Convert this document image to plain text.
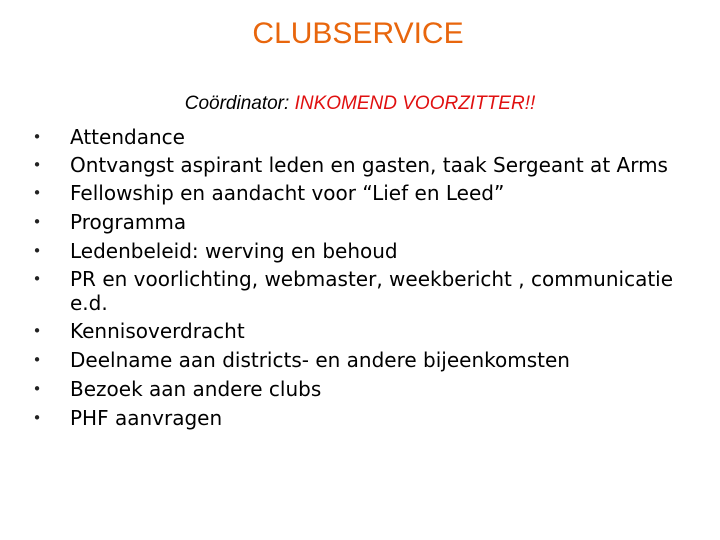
CLUBSERVICE
Coördinator: INKOMEND VOORZITTER!!
• Attendance
• Ontvangst aspirant leden en gasten, taak Sergeant at Arms
• Fellowship en aandacht voor “Lief en Leed”
• Programma
• Ledenbeleid: werving en behoud
• PR en voorlichting, webmaster, weekbericht , communicatie e.d.
• Kennisoverdracht
• Deelname aan districts- en andere bijeenkomsten
• Bezoek aan andere clubs
• PHF aanvragen
